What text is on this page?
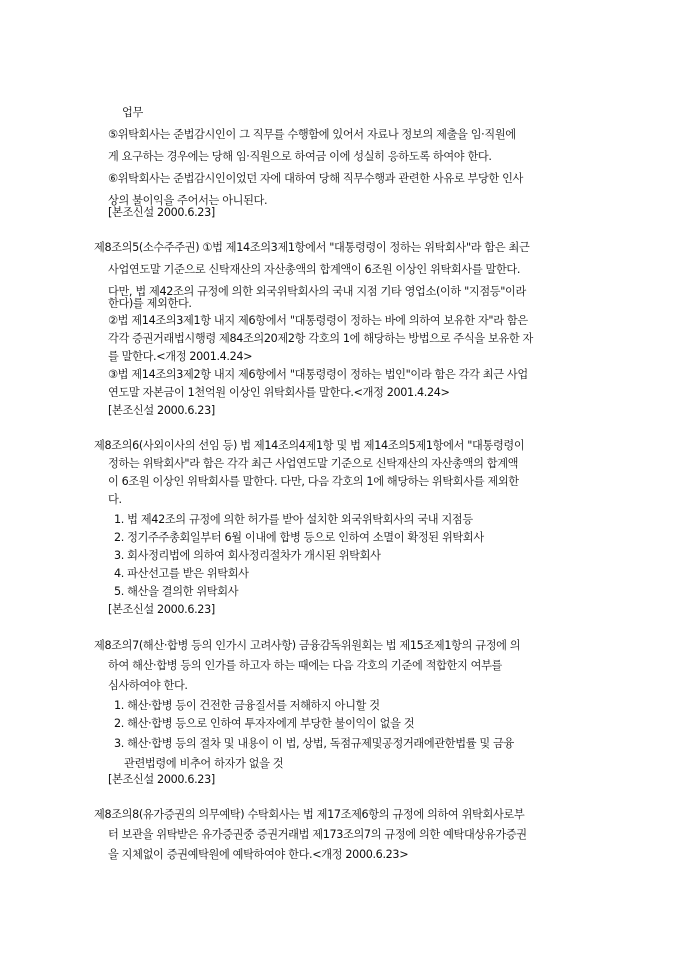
업무
⑤위탁회사는 준법감시인이 그 직무를 수행함에 있어서 자료나 정보의 제출을 임·직원에
게 요구하는 경우에는 당해 임·직원으로 하여금 이에 성실히 응하도록 하여야 한다.
⑥위탁회사는 준법감시인이었던 자에 대하여 당해 직무수행과 관련한 사유로 부당한 인사
상의 불이익을 주어서는 아니된다.
[본조신설 2000.6.23]
제8조의5(소수주주권) ①법 제14조의3제1항에서 "대통령령이 정하는 위탁회사"라 함은 최근
사업연도말 기준으로 신탁재산의 자산총액의 합계액이 6조원 이상인 위탁회사를 말한다.
다만, 법 제42조의 규정에 의한 외국위탁회사의 국내 지점 기타 영업소(이하 "지점등"이라
한다)를 제외한다.
②법 제14조의3제1항 내지 제6항에서 "대통령령이 정하는 바에 의하여 보유한 자"라 함은
각각 증권거래법시행령 제84조의20제2항 각호의 1에 해당하는 방법으로 주식을 보유한 자
를 말한다.<개정 2001.4.24>
③법 제14조의3제2항 내지 제6항에서 "대통령령이 정하는 법인"이라 함은 각각 최근 사업
연도말 자본금이 1천억원 이상인 위탁회사를 말한다.<개정 2001.4.24>
[본조신설 2000.6.23]
제8조의6(사외이사의 선임 등) 법 제14조의4제1항 및 법 제14조의5제1항에서 "대통령령이
정하는 위탁회사"라 함은 각각 최근 사업연도말 기준으로 신탁재산의 자산총액의 합계액
이 6조원 이상인 위탁회사를 말한다. 다만, 다음 각호의 1에 해당하는 위탁회사를 제외한
다.
1. 법 제42조의 규정에 의한 허가를 받아 설치한 외국위탁회사의 국내 지점등
2. 정기주주총회일부터 6월 이내에 합병 등으로 인하여 소멸이 확정된 위탁회사
3. 회사정리법에 의하여 회사정리절차가 개시된 위탁회사
4. 파산선고를 받은 위탁회사
5. 해산을 결의한 위탁회사
[본조신설 2000.6.23]
제8조의7(해산·합병 등의 인가시 고려사항) 금융감독위원회는 법 제15조제1항의 규정에 의
하여 해산·합병 등의 인가를 하고자 하는 때에는 다음 각호의 기준에 적합한지 여부를
심사하여야 한다.
1. 해산·합병 등이 건전한 금융질서를 저해하지 아니할 것
2. 해산·합병 등으로 인하여 투자자에게 부당한 불이익이 없을 것
3. 해산·합병 등의 절차 및 내용이 이 법, 상법, 독점규제및공정거래에관한법률 및 금융
관련법령에 비추어 하자가 없을 것
[본조신설 2000.6.23]
제8조의8(유가증권의 의무예탁) 수탁회사는 법 제17조제6항의 규정에 의하여 위탁회사로부
터 보관을 위탁받은 유가증권중 증권거래법 제173조의7의 규정에 의한 예탁대상유가증권
을 지체없이 증권예탁원에 예탁하여야 한다.<개정 2000.6.23>
